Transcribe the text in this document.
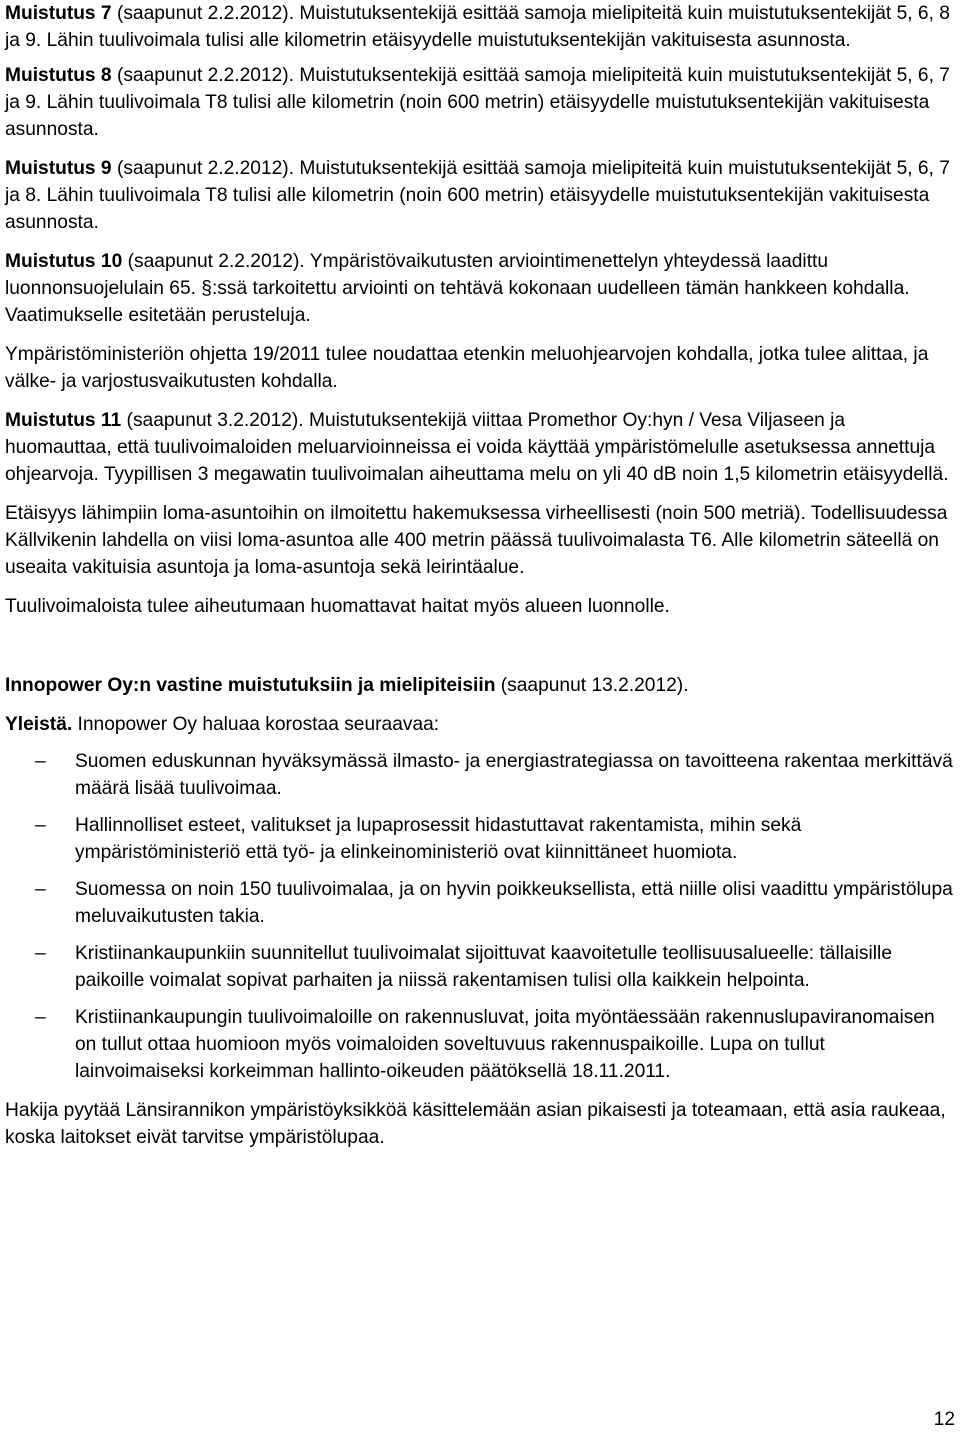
Muistutus 7 (saapunut 2.2.2012). Muistutuksentekijä esittää samoja mielipiteitä kuin muistutuksentekijät 5, 6, 8 ja 9. Lähin tuulivoimala tulisi alle kilometrin etäisyydelle muistutuksentekijän vakituisesta asunnosta.

Muistutus 8 (saapunut 2.2.2012). Muistutuksentekijä esittää samoja mielipiteitä kuin muistutuksentekijät 5, 6, 7 ja 9. Lähin tuulivoimala T8 tulisi alle kilometrin (noin 600 metrin) etäisyydelle muistutuksentekijän vakituisesta asunnosta.

Muistutus 9 (saapunut 2.2.2012). Muistutuksentekijä esittää samoja mielipiteitä kuin muistutuksentekijät 5, 6, 7 ja 8. Lähin tuulivoimala T8 tulisi alle kilometrin (noin 600 metrin) etäisyydelle muistutuksentekijän vakituisesta asunnosta.

Muistutus 10 (saapunut 2.2.2012). Ympäristövaikutusten arviointimenettelyn yhteydessä laadittu luonnonsuojelulain 65. §:ssä tarkoitettu arviointi on tehtävä kokonaan uudelleen tämän hankkeen kohdalla. Vaatimukselle esitetään perusteluja.

Ympäristöministeriön ohjetta 19/2011 tulee noudattaa etenkin meluohjearvojen kohdalla, jotka tulee alittaa, ja välke- ja varjostusvaikutusten kohdalla.

Muistutus 11 (saapunut 3.2.2012). Muistutuksentekijä viittaa Promethor Oy:hyn / Vesa Viljaseen ja huomauttaa, että tuulivoimaloiden meluarvioinneissa ei voida käyttää ympäristömelulle asetuksessa annettuja ohjearvoja. Tyypillisen 3 megawatin tuulivoimalan aiheuttama melu on yli 40 dB noin 1,5 kilometrin etäisyydellä.

Etäisyys lähimpiin loma-asuntoihin on ilmoitettu hakemuksessa virheellisesti (noin 500 metriä). Todellisuudessa Källvikenin lahdella on viisi loma-asuntoa alle 400 metrin päässä tuulivoimalasta T6. Alle kilometrin säteellä on useaita vakituisia asuntoja ja loma-asuntoja sekä leirintäalue.

Tuulivoimaloista tulee aiheutumaan huomattavat haitat myös alueen luonnolle.

Innopower Oy:n vastine muistutuksiin ja mielipiteisiin (saapunut 13.2.2012).

Yleistä. Innopower Oy haluaa korostaa seuraavaa:

– Suomen eduskunnan hyväksymässä ilmasto- ja energiastrategiassa on tavoitteena rakentaa merkittävä määrä lisää tuulivoimaa.
– Hallinnolliset esteet, valitukset ja lupaprosessit hidastuttavat rakentamista, mihin sekä ympäristöministeriö että työ- ja elinkeinoministeriö ovat kiinnittäneet huomiota.
– Suomessa on noin 150 tuulivoimalaa, ja on hyvin poikkeuksellista, että niille olisi vaadittu ympäristölupa meluvaikutusten takia.
– Kristiinankaupunkiin suunnitellut tuulivoimalat sijoittuvat kaavoitetulle teollisuusalueelle: tällaisille paikoille voimalat sopivat parhaiten ja niissä rakentamisen tulisi olla kaikkein helpointa.
– Kristiinankaupungin tuulivoimaloille on rakennusluvat, joita myöntäessään rakennuslupaviranomaisen on tullut ottaa huomioon myös voimaloiden soveltuvuus rakennuspaikoille. Lupa on tullut lainvoimaiseksi korkeimman hallinto-oikeuden päätöksellä 18.11.2011.

Hakija pyytää Länsirannikon ympäristöyksikköä käsittelemään asian pikaisesti ja toteamaan, että asia raukeaa, koska laitokset eivät tarvitse ympäristölupaa.

12
